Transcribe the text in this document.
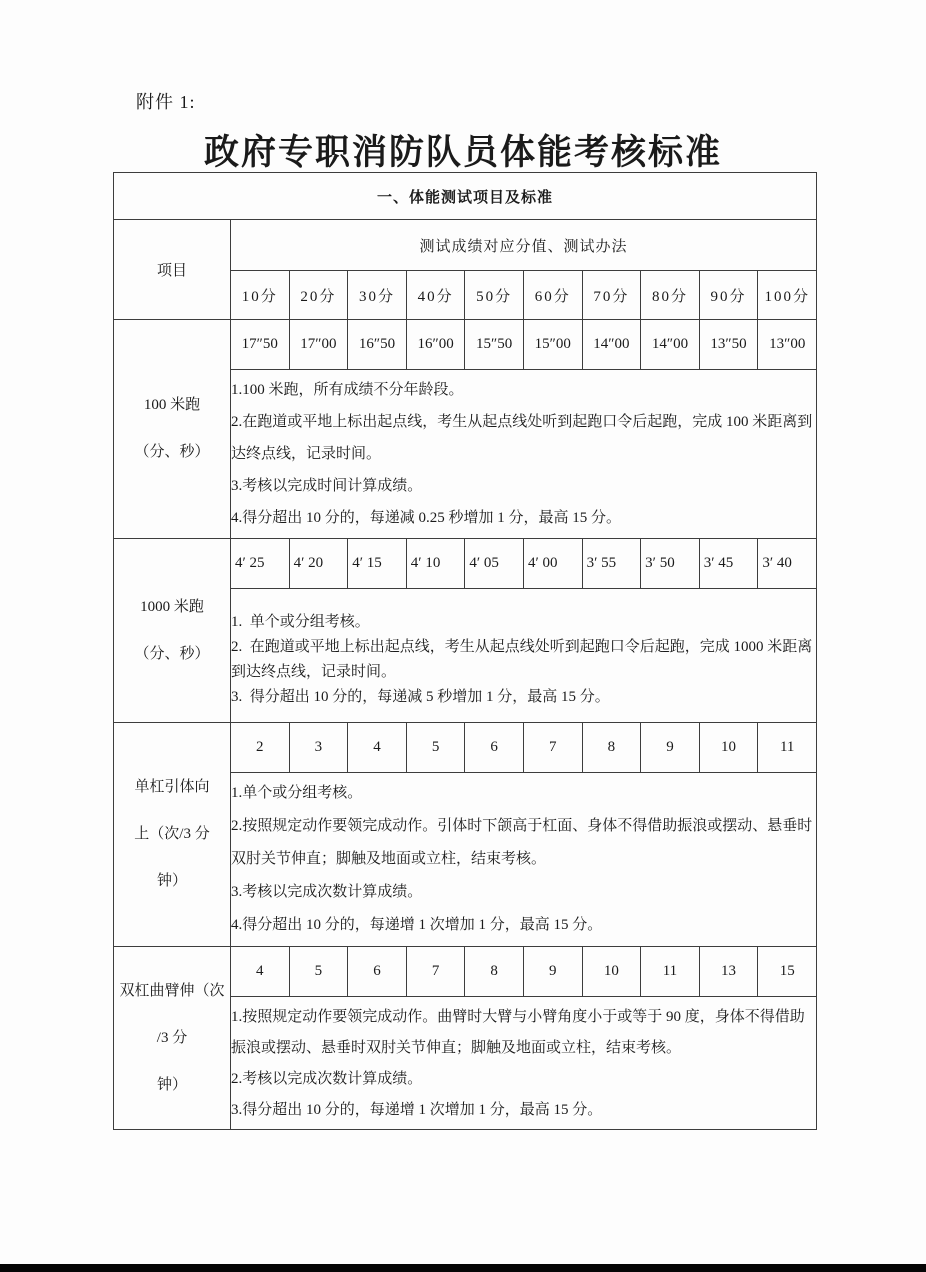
附件 1:
政府专职消防队员体能考核标准
一、体能测试项目及标准										
项目	测试成绩对应分值、测试办法									
	10分	20分	30分	40分	50分	60分	70分	80分	90分	100分

100 米跑
（分、秒）	17″50	17″00	16″50	16″00	15″50	15″00	14″00	14″00	13″50	13″00

	1.100 米跑，所有成绩不分年龄段。
2.在跑道或平地上标出起点线，考生从起点线处听到起跑口令后起跑，完成 100 米距离到达终点线，记录时间。
3.考核以完成时间计算成绩。
4.得分超出 10 分的，每递减 0.25 秒增加 1 分，最高 15 分。									

1000 米跑
（分、秒）	4′ 25	4′ 20	4′ 15	4′ 10	4′ 05	4′ 00	3′ 55	3′ 50	3′ 45	3′ 40

	1.  单个或分组考核。
2.  在跑道或平地上标出起点线，考生从起点线处听到起跑口令后起跑，完成 1000 米距离到达终点线，记录时间。
3.  得分超出 10 分的，每递减 5 秒增加 1 分，最高 15 分。									

单杠引体向
上（次/3 分
钟）	2	3	4	5	6	7	8	9	10	11

	1.单个或分组考核。
2.按照规定动作要领完成动作。引体时下颌高于杠面、身体不得借助振浪或摆动、悬垂时双肘关节伸直；脚触及地面或立柱，结束考核。
3.考核以完成次数计算成绩。
4.得分超出 10 分的，每递增 1 次增加 1 分，最高 15 分。									

双杠曲臂伸（次
/3 分
钟）	4	5	6	7	8	9	10	11	13	15

	1.按照规定动作要领完成动作。曲臂时大臂与小臂角度小于或等于 90 度，身体不得借助振浪或摆动、悬垂时双肘关节伸直；脚触及地面或立柱，结束考核。
2.考核以完成次数计算成绩。
3.得分超出 10 分的，每递增 1 次增加 1 分，最高 15 分。									
